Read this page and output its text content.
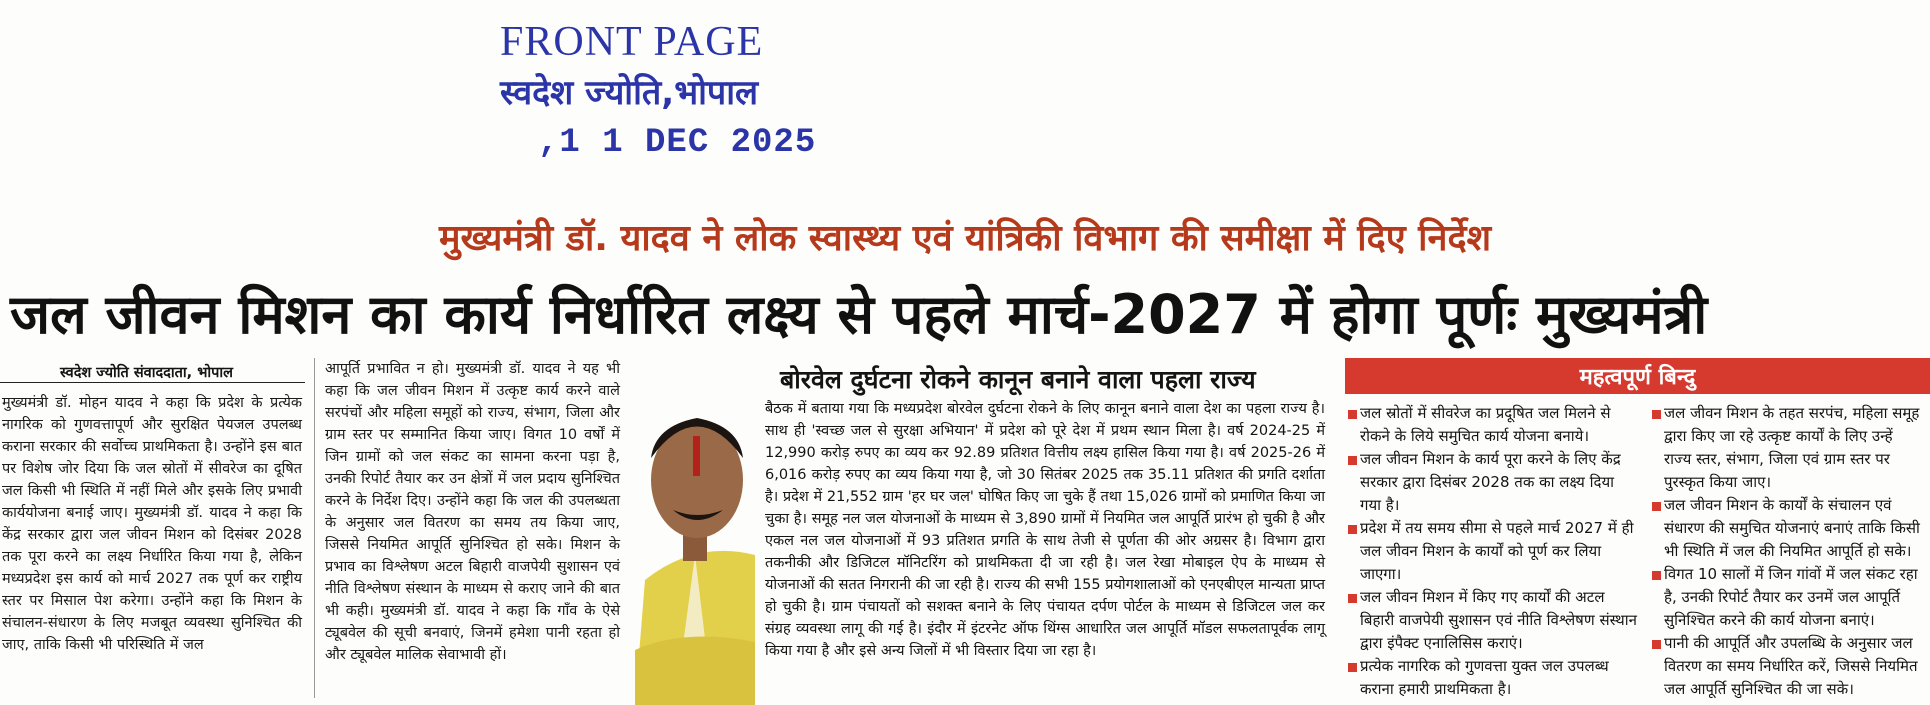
FRONT PAGE
स्वदेश ज्योति,भोपाल
,1 1 DEC 2025
मुख्यमंत्री डॉ. यादव ने लोक स्वास्थ्य एवं यांत्रिकी विभाग की समीक्षा में दिए निर्देश
जल जीवन मिशन का कार्य निर्धारित लक्ष्य से पहले मार्च-2027 में होगा पूर्णः मुख्यमंत्री
स्वदेश ज्योति संवाददाता, भोपाल
मुख्यमंत्री डॉ. मोहन यादव ने कहा कि प्रदेश के प्रत्येक नागरिक को गुणवत्तापूर्ण और सुरक्षित पेयजल उपलब्ध कराना सरकार की सर्वोच्च प्राथमिकता है। उन्होंने इस बात पर विशेष जोर दिया कि जल स्रोतों में सीवरेज का दूषित जल किसी भी स्थिति में नहीं मिले और इसके लिए प्रभावी कार्ययोजना बनाई जाए। मुख्यमंत्री डॉ. यादव ने कहा कि केंद्र सरकार द्वारा जल जीवन मिशन को दिसंबर 2028 तक पूरा करने का लक्ष्य निर्धारित किया गया है, लेकिन मध्यप्रदेश इस कार्य को मार्च 2027 तक पूर्ण कर राष्ट्रीय स्तर पर मिसाल पेश करेगा। उन्होंने कहा कि मिशन के संचालन-संधारण के लिए मजबूत व्यवस्था सुनिश्चित की जाए, ताकि किसी भी परिस्थिति में जल
आपूर्ति प्रभावित न हो। मुख्यमंत्री डॉ. यादव ने यह भी कहा कि जल जीवन मिशन में उत्कृष्ट कार्य करने वाले सरपंचों और महिला समूहों को राज्य, संभाग, जिला और ग्राम स्तर पर सम्मानित किया जाए। विगत 10 वर्षों में जिन ग्रामों को जल संकट का सामना करना पड़ा है, उनकी रिपोर्ट तैयार कर उन क्षेत्रों में जल प्रदाय सुनिश्चित करने के निर्देश दिए। उन्होंने कहा कि जल की उपलब्धता के अनुसार जल वितरण का समय तय किया जाए, जिससे नियमित आपूर्ति सुनिश्चित हो सके। मिशन के प्रभाव का विश्लेषण अटल बिहारी वाजपेयी सुशासन एवं नीति विश्लेषण संस्थान के माध्यम से कराए जाने की बात भी कही। मुख्यमंत्री डॉ. यादव ने कहा कि गाँव के ऐसे ट्यूबवेल की सूची बनवाएं, जिनमें हमेशा पानी रहता हो और ट्यूबवेल मालिक सेवाभावी हों।
बोरवेल दुर्घटना रोकने कानून बनाने वाला पहला राज्य
बैठक में बताया गया कि मध्यप्रदेश बोरवेल दुर्घटना रोकने के लिए कानून बनाने वाला देश का पहला राज्य है। साथ ही 'स्वच्छ जल से सुरक्षा अभियान' में प्रदेश को पूरे देश में प्रथम स्थान मिला है। वर्ष 2024-25 में 12,990 करोड़ रुपए का व्यय कर 92.89 प्रतिशत वित्तीय लक्ष्य हासिल किया गया है। वर्ष 2025-26 में 6,016 करोड़ रुपए का व्यय किया गया है, जो 30 सितंबर 2025 तक 35.11 प्रतिशत की प्रगति दर्शाता है। प्रदेश में 21,552 ग्राम 'हर घर जल' घोषित किए जा चुके हैं तथा 15,026 ग्रामों को प्रमाणित किया जा चुका है। समूह नल जल योजनाओं के माध्यम से 3,890 ग्रामों में नियमित जल आपूर्ति प्रारंभ हो चुकी है और एकल नल जल योजनाओं में 93 प्रतिशत प्रगति के साथ तेजी से पूर्णता की ओर अग्रसर है। विभाग द्वारा तकनीकी और डिजिटल मॉनिटरिंग को प्राथमिकता दी जा रही है। जल रेखा मोबाइल ऐप के माध्यम से योजनाओं की सतत निगरानी की जा रही है। राज्य की सभी 155 प्रयोगशालाओं को एनएबीएल मान्यता प्राप्त हो चुकी है। ग्राम पंचायतों को सशक्त बनाने के लिए पंचायत दर्पण पोर्टल के माध्यम से डिजिटल जल कर संग्रह व्यवस्था लागू की गई है। इंदौर में इंटरनेट ऑफ थिंग्स आधारित जल आपूर्ति मॉडल सफलतापूर्वक लागू किया गया है और इसे अन्य जिलों में भी विस्तार दिया जा रहा है।
महत्वपूर्ण बिन्दु
जल स्रोतों में सीवरेज का प्रदूषित जल मिलने से रोकने के लिये समुचित कार्य योजना बनाये।
जल जीवन मिशन के कार्य पूरा करने के लिए केंद्र सरकार द्वारा दिसंबर 2028 तक का लक्ष्य दिया गया है।
प्रदेश में तय समय सीमा से पहले मार्च 2027 में ही जल जीवन मिशन के कार्यों को पूर्ण कर लिया जाएगा।
जल जीवन मिशन में किए गए कार्यों की अटल बिहारी वाजपेयी सुशासन एवं नीति विश्लेषण संस्थान द्वारा इंपैक्ट एनालिसिस कराएं।
प्रत्येक नागरिक को गुणवत्ता युक्त जल उपलब्ध कराना हमारी प्राथमिकता है।
जल जीवन मिशन के तहत सरपंच, महिला समूह द्वारा किए जा रहे उत्कृष्ट कार्यों के लिए उन्हें राज्य स्तर, संभाग, जिला एवं ग्राम स्तर पर पुरस्कृत किया जाए।
जल जीवन मिशन के कार्यों के संचालन एवं संधारण की समुचित योजनाएं बनाएं ताकि किसी भी स्थिति में जल की नियमित आपूर्ति हो सके।
विगत 10 सालों में जिन गांवों में जल संकट रहा है, उनकी रिपोर्ट तैयार कर उनमें जल आपूर्ति सुनिश्चित करने की कार्य योजना बनाएं।
पानी की आपूर्ति और उपलब्धि के अनुसार जल वितरण का समय निर्धारित करें, जिससे नियमित जल आपूर्ति सुनिश्चित की जा सके।
